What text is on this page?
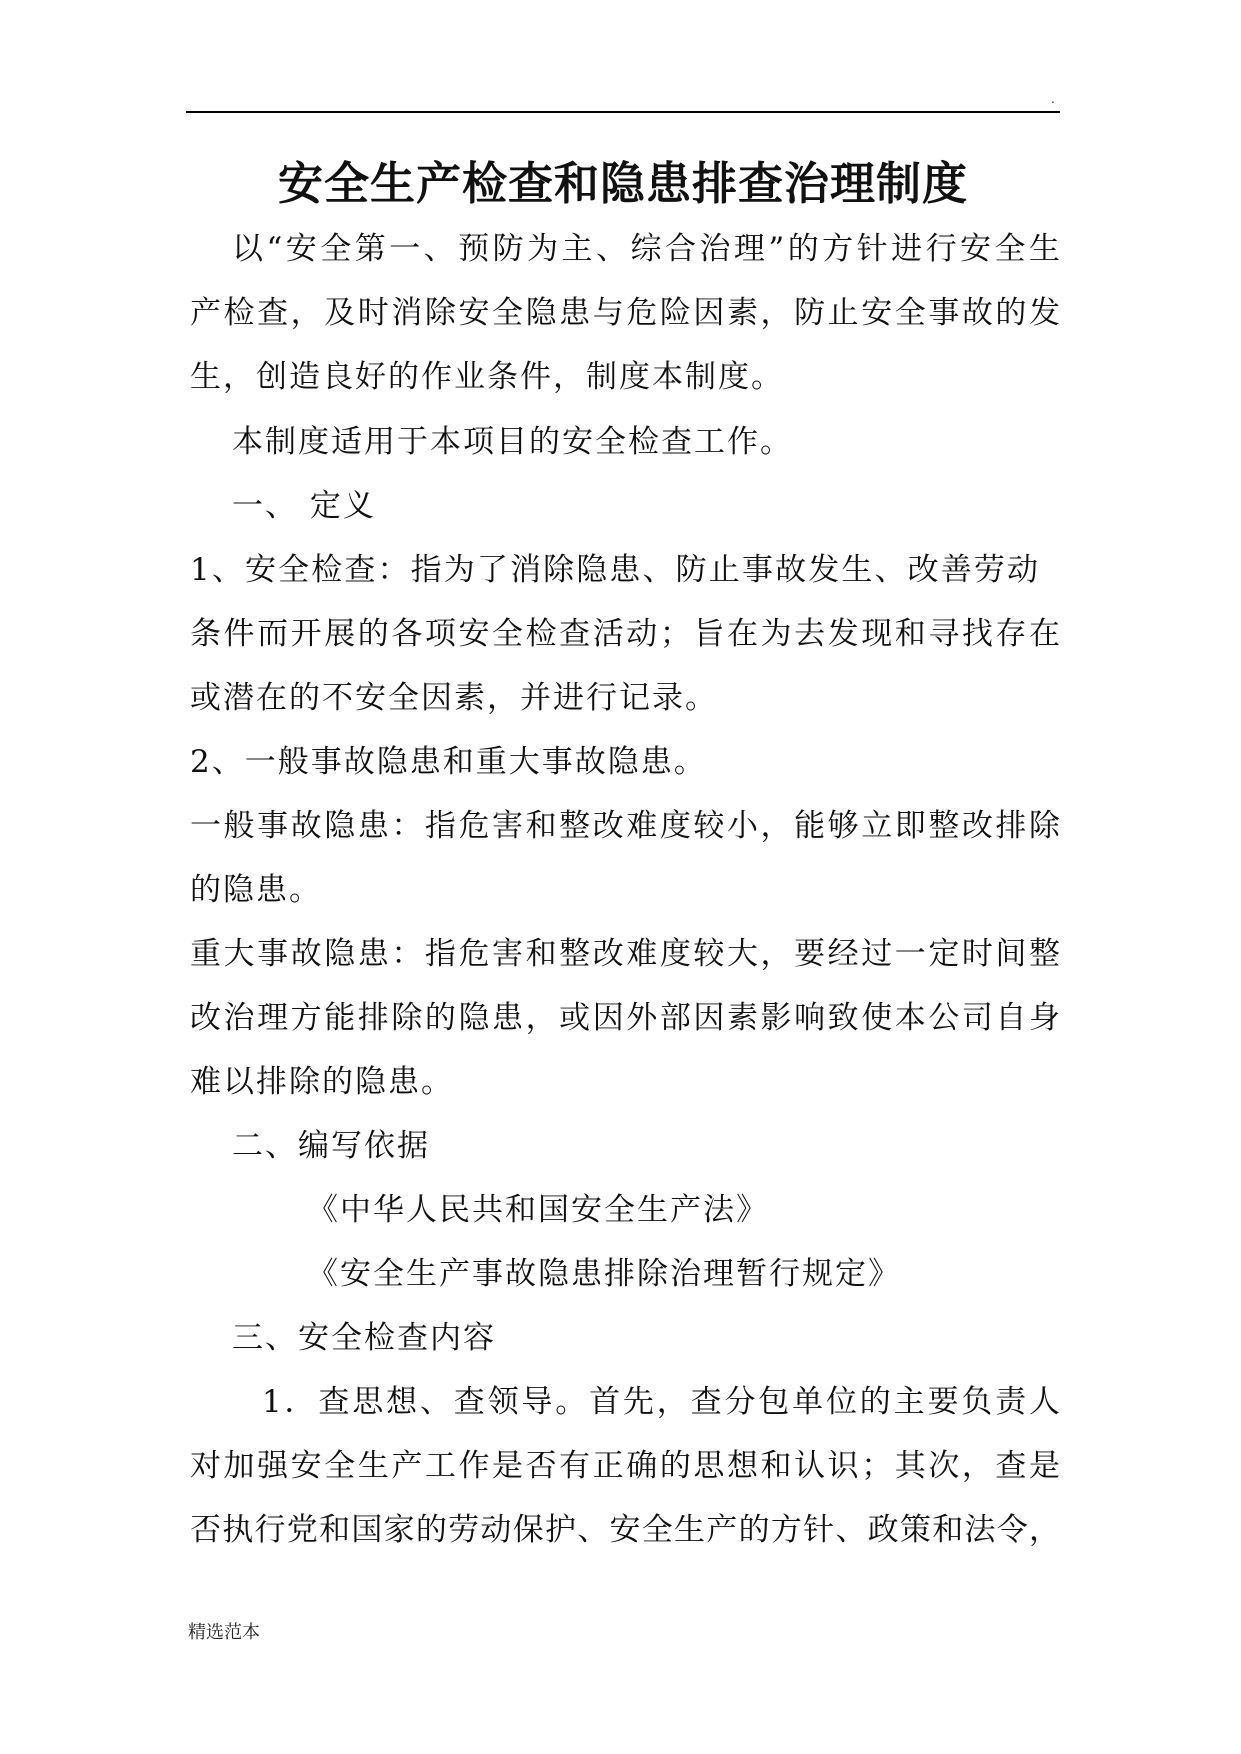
.
安全生产检查和隐患排查治理制度
以“安全第一、预防为主、综合治理”的方针进行安全生
产检查，及时消除安全隐患与危险因素，防止安全事故的发
生，创造良好的作业条件，制度本制度。
本制度适用于本项目的安全检查工作。
一、 定义
1、安全检查：指为了消除隐患、防止事故发生、改善劳动
条件而开展的各项安全检查活动；旨在为去发现和寻找存在
或潜在的不安全因素，并进行记录。
2、一般事故隐患和重大事故隐患。
一般事故隐患：指危害和整改难度较小，能够立即整改排除
的隐患。
重大事故隐患：指危害和整改难度较大，要经过一定时间整
改治理方能排除的隐患，或因外部因素影响致使本公司自身
难以排除的隐患。
二、编写依据
《中华人民共和国安全生产法》
《安全生产事故隐患排除治理暂行规定》
三、安全检查内容
1．查思想、查领导。首先，查分包单位的主要负责人
对加强安全生产工作是否有正确的思想和认识；其次，查是
否执行党和国家的劳动保护、安全生产的方针、政策和法令，
精选范本
